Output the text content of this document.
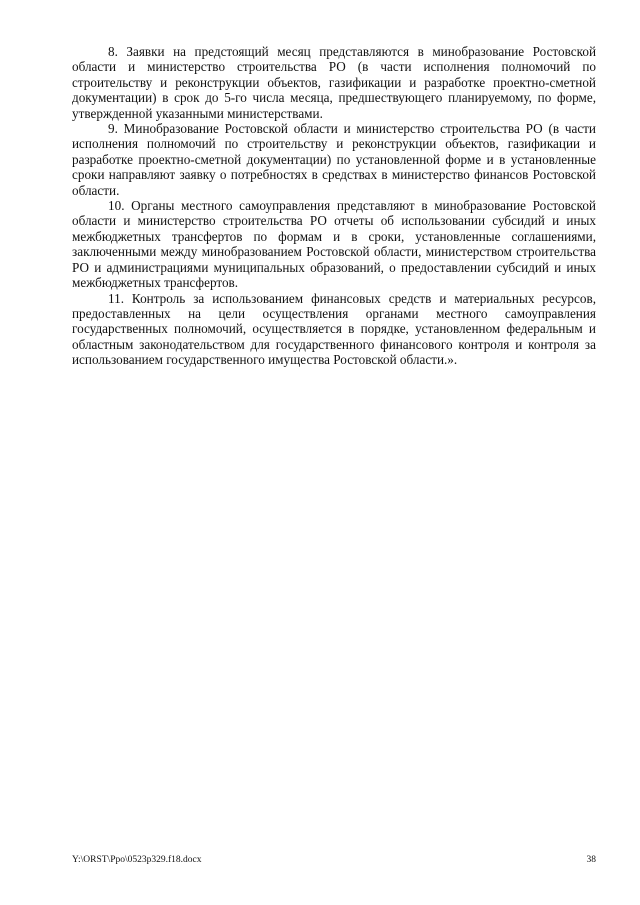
8. Заявки на предстоящий месяц представляются в минобразование Ростовской области и министерство строительства РО (в части исполнения полномочий по строительству и реконструкции объектов, газификации и разработке проектно-сметной документации) в срок до 5-го числа месяца, предшествующего планируемому, по форме, утвержденной указанными министерствами.

9. Минобразование Ростовской области и министерство строительства РО (в части исполнения полномочий по строительству и реконструкции объектов, газификации и разработке проектно-сметной документации) по установленной форме и в установленные сроки направляют заявку о потребностях в средствах в министерство финансов Ростовской области.

10. Органы местного самоуправления представляют в минобразование Ростовской области и министерство строительства РО отчеты об использовании субсидий и иных межбюджетных трансфертов по формам и в сроки, установленные соглашениями, заключенными между минобразованием Ростовской области, министерством строительства РО и администрациями муниципальных образований, о предоставлении субсидий и иных межбюджетных трансфертов.

11. Контроль за использованием финансовых средств и материальных ресурсов, предоставленных на цели осуществления органами местного самоуправления государственных полномочий, осуществляется в порядке, установленном федеральным и областным законодательством для государственного финансового контроля и контроля за использованием государственного имущества Ростовской области.».

Y:\ORST\Ppo\0523p329.f18.docx	38
